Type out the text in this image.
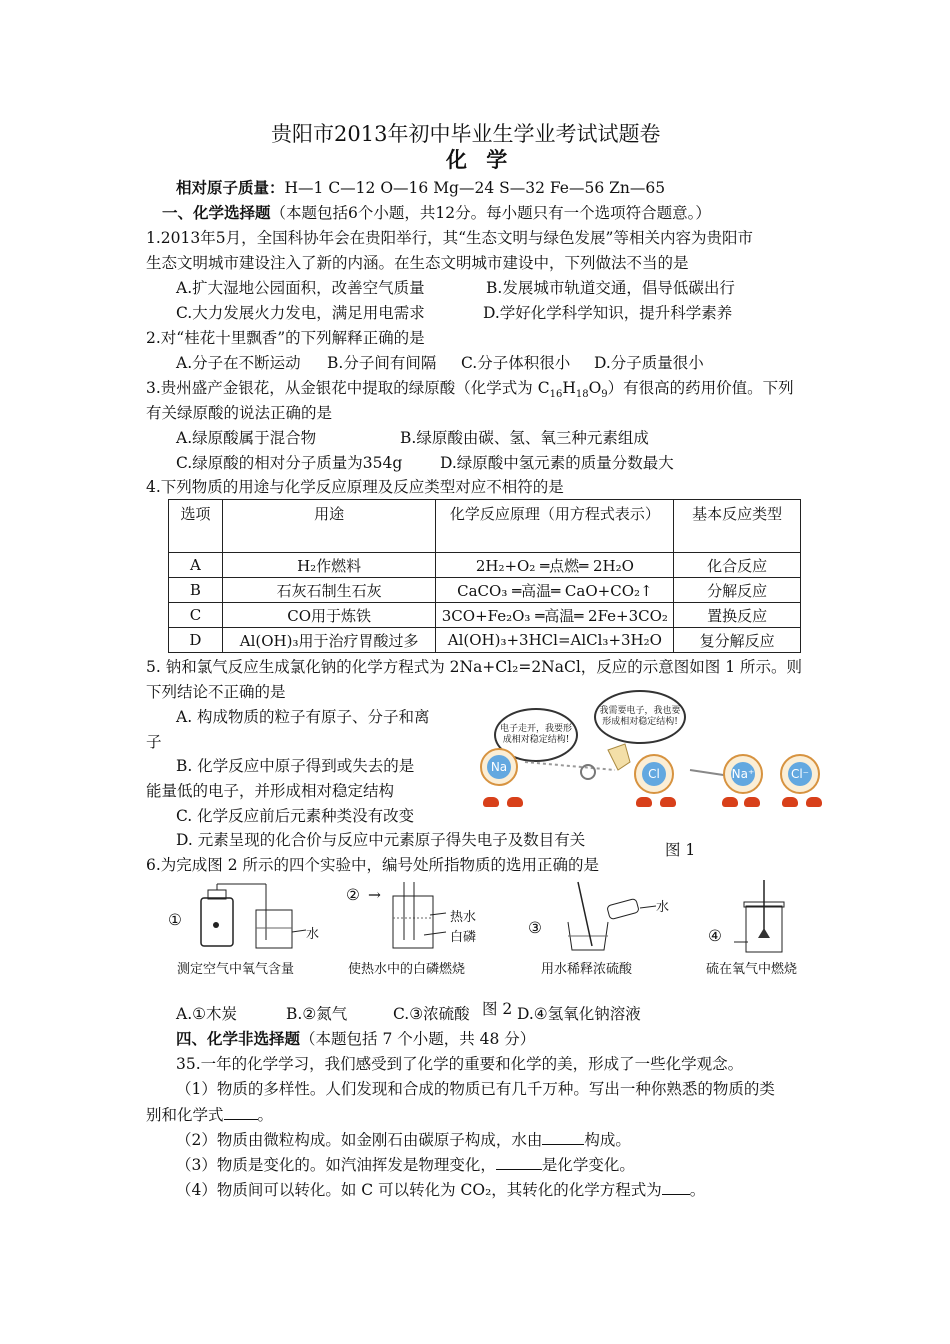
贵阳市2013年初中毕业生学业考试试题卷
化 学
相对原子质量：H—1 C—12 O—16 Mg—24 S—32 Fe—56 Zn—65
一、化学选择题（本题包括6个小题，共12分。每小题只有一个选项符合题意。）
1.2013年5月，全国科协年会在贵阳举行，其“生态文明与绿色发展”等相关内容为贵阳市
生态文明城市建设注入了新的内涵。在生态文明城市建设中，下列做法不当的是
A.扩大湿地公园面积，改善空气质量	B.发展城市轨道交通，倡导低碳出行
C.大力发展火力发电，满足用电需求	D.学好化学科学知识，提升科学素养
2.对“桂花十里飘香”的下列解释正确的是
A.分子在不断运动 B.分子间有间隔 C.分子体积很小 D.分子质量很小
3.贵州盛产金银花，从金银花中提取的绿原酸（化学式为 $C_{16}H_{18}O_9$）有很高的药用价值。下列
有关绿原酸的说法正确的是
A.绿原酸属于混合物	B.绿原酸由碳、氢、氧三种元素组成
C.绿原酸的相对分子质量为354g D.绿原酸中氢元素的质量分数最大
4.下列物质的用途与化学反应原理及反应类型对应不相符的是
选项	用途	化学反应原理（用方程式表示）	基本反应类型
A	H₂作燃料	2H₂+O₂ ═点燃═ 2H₂O	化合反应
B	石灰石制生石灰	CaCO₃ ═高温═ CaO+CO₂↑	分解反应
C	CO用于炼铁	3CO+Fe₂O₃ ═高温═ 2Fe+3CO₂	置换反应
D	Al(OH)₃用于治疗胃酸过多	Al(OH)₃+3HCl=AlCl₃+3H₂O	复分解反应
5. 钠和氯气反应生成氯化钠的化学方程式为 2Na+Cl₂=2NaCl，反应的示意图如图 1 所示。则
下列结论不正确的是
A. 构成物质的粒子有原子、分子和离
子
B. 化学反应中原子得到或失去的是
能量低的电子，并形成相对稳定结构
C. 化学反应前后元素种类没有改变
D. 元素呈现的化合价与反应中元素原子得失电子及数目有关
电子走开，我要形成相对稳定结构!
我需要电子，我也要形成相对稳定结构!
Na	Cl	Na⁺	Cl⁻
图 1
6.为完成图 2 所示的四个实验中，编号处所指物质的选用正确的是
①
水
测定空气中氧气含量
② →
热水
白磷
使热水中的白磷燃烧
③
水
用水稀释浓硫酸
④
硫在氧气中燃烧
A.①木炭	B.②氮气	C.③浓硫酸 图 2 D.④氢氧化钠溶液
四、化学非选择题（本题包括 7 个小题，共 48 分）
35.一年的化学学习，我们感受到了化学的重要和化学的美，形成了一些化学观念。
（1）物质的多样性。人们发现和合成的物质已有几千万种。写出一种你熟悉的物质的类
别和化学式 。
（2）物质由微粒构成。如金刚石由碳原子构成，水由	构成。
（3）物质是变化的。如汽油挥发是物理变化，	是化学变化。
（4）物质间可以转化。如 C 可以转化为 CO₂，其转化的化学方程式为 。
